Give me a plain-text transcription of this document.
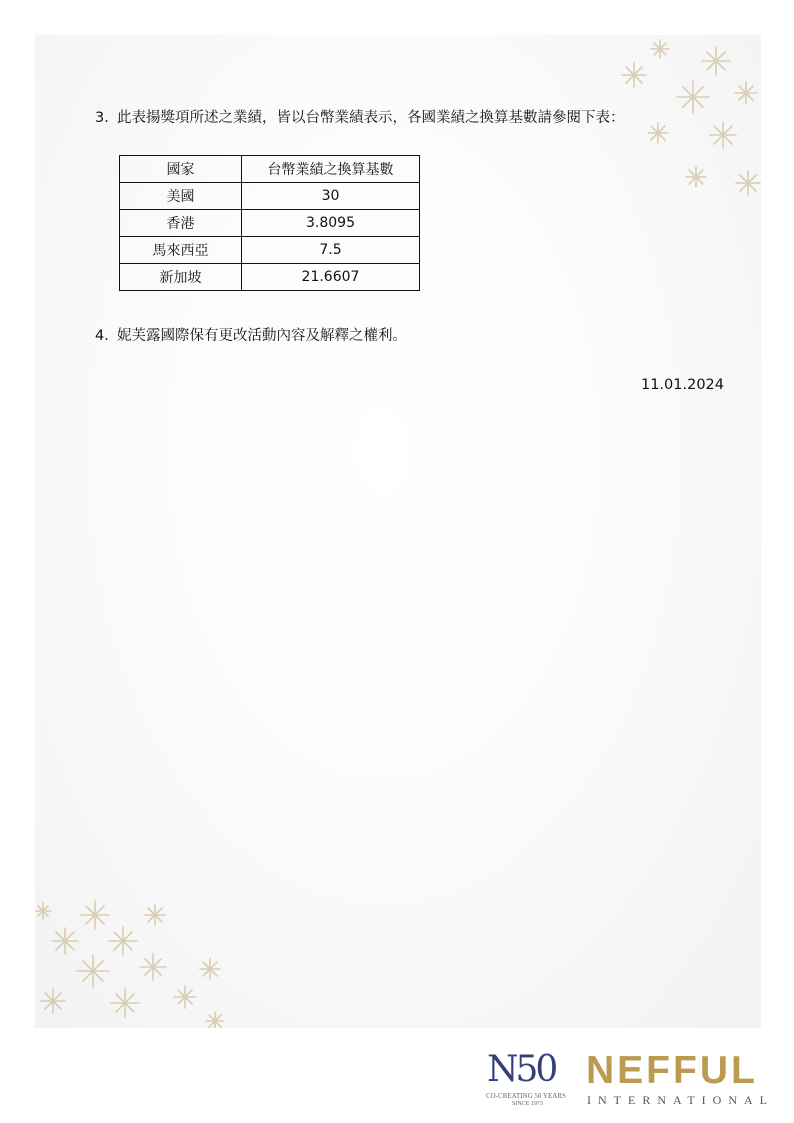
3. 此表揚獎項所述之業績，皆以台幣業績表示，各國業績之換算基數請參閱下表：
國家	台幣業績之換算基數
美國	30
香港	3.8095
馬來西亞	7.5
新加坡	21.6607
4. 妮芙露國際保有更改活動內容及解釋之權利。
11.01.2024
N50
CO-CREATING 50 YEARS
SINCE 1973
NEFFUL
INTERNATIONAL
